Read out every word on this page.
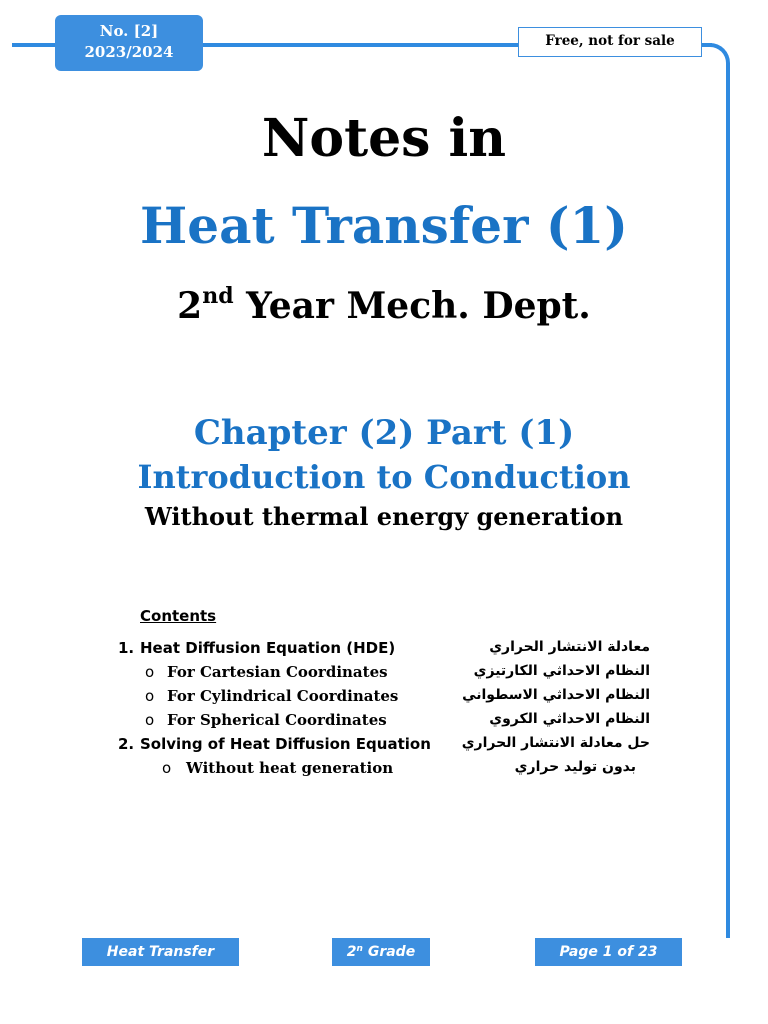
No. [2]
2023/2024
Free, not for sale
Notes in
Heat Transfer (1)
2nd Year Mech. Dept.
Chapter (2) Part (1)
Introduction to Conduction
Without thermal energy generation
Contents
1. Heat Diffusion Equation (HDE)	معادلة الانتشار الحراري
o For Cartesian Coordinates	النظام الاحداثي الكارتيزي
o For Cylindrical Coordinates	النظام الاحداثي الاسطواني
o For Spherical Coordinates	النظام الاحداثي الكروي
2. Solving of Heat Diffusion Equation حل معادلة الانتشار الحراري
o Without heat generation	بدون توليد حراري
Heat Transfer	2$^n$ Grade	Page 1 of 23
